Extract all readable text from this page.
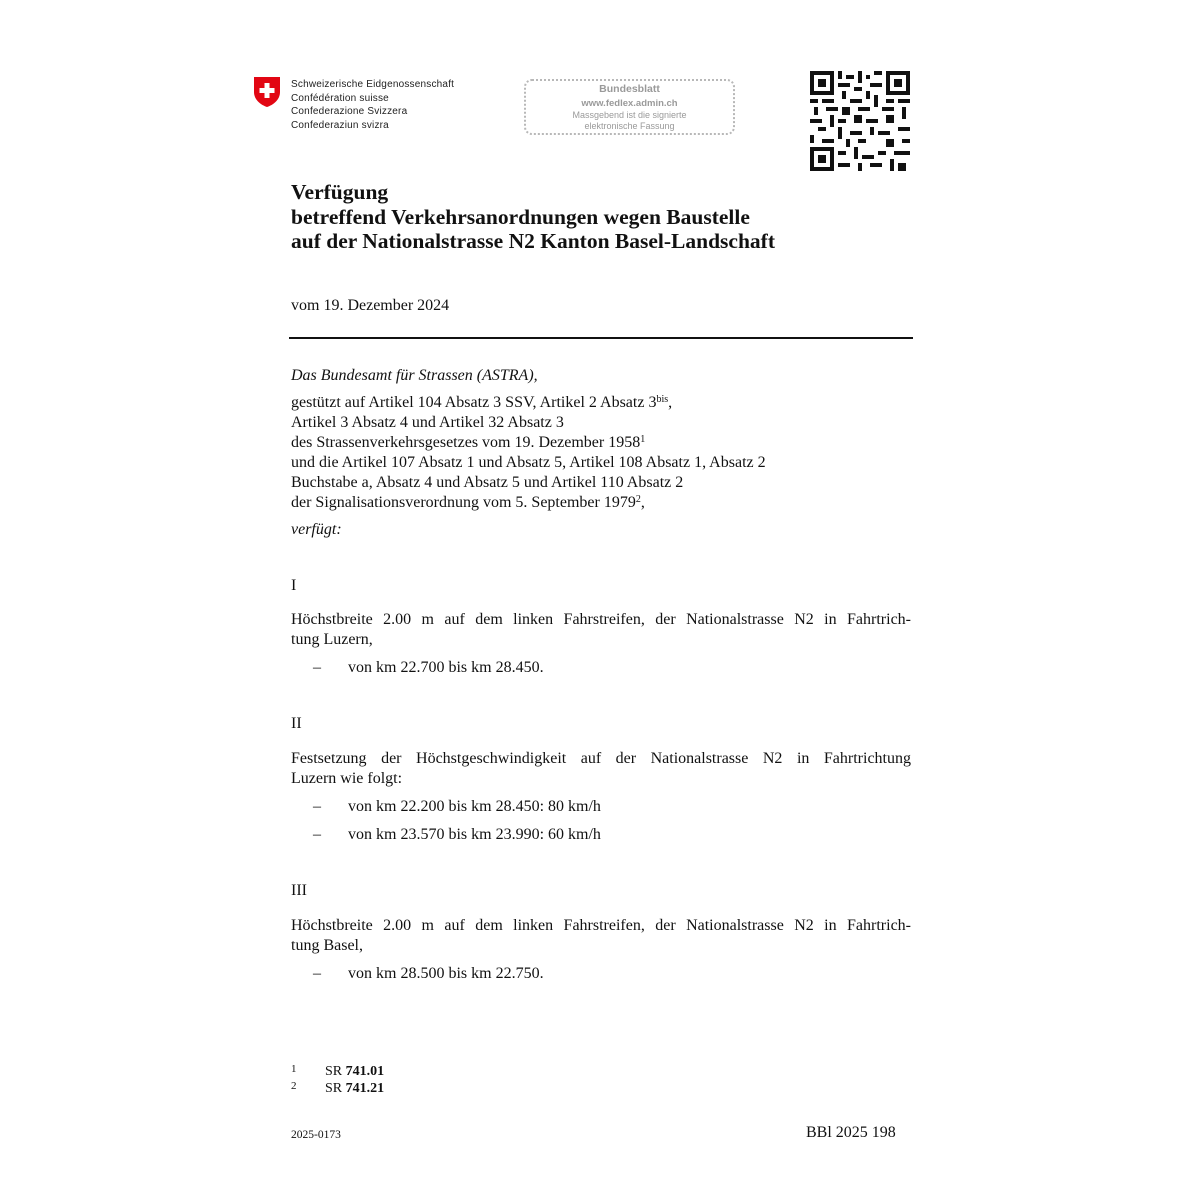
Schweizerische Eidgenossenschaft
Confédération suisse
Confederazione Svizzera
Confederaziun svizra
Bundesblatt
www.fedlex.admin.ch
Massgebend ist die signierte
elektronische Fassung
Verfügung
betreffend Verkehrsanordnungen wegen Baustelle
auf der Nationalstrasse N2 Kanton Basel-Landschaft
vom 19. Dezember 2024
Das Bundesamt für Strassen (ASTRA),
gestützt auf Artikel 104 Absatz 3 SSV, Artikel 2 Absatz $3^{bis}$,
Artikel 3 Absatz 4 und Artikel 32 Absatz 3
des Strassenverkehrsgesetzes vom 19. Dezember 1958$^1$
und die Artikel 107 Absatz 1 und Absatz 5, Artikel 108 Absatz 1, Absatz 2
Buchstabe a, Absatz 4 und Absatz 5 und Artikel 110 Absatz 2
der Signalisationsverordnung vom 5. September 1979$^2$,
verfügt:
I
Höchstbreite 2.00 m auf dem linken Fahrstreifen, der Nationalstrasse N2 in Fahrtrich-
tung Luzern,
– von km 22.700 bis km 28.450.
II
Festsetzung der Höchstgeschwindigkeit auf der Nationalstrasse N2 in Fahrtrichtung
Luzern wie folgt:
– von km 22.200 bis km 28.450: 80 km/h
– von km 23.570 bis km 23.990: 60 km/h
III
Höchstbreite 2.00 m auf dem linken Fahrstreifen, der Nationalstrasse N2 in Fahrtrich-
tung Basel,
– von km 28.500 bis km 22.750.
1 SR 741.01
2 SR 741.21
2025-0173	BBl 2025 198
